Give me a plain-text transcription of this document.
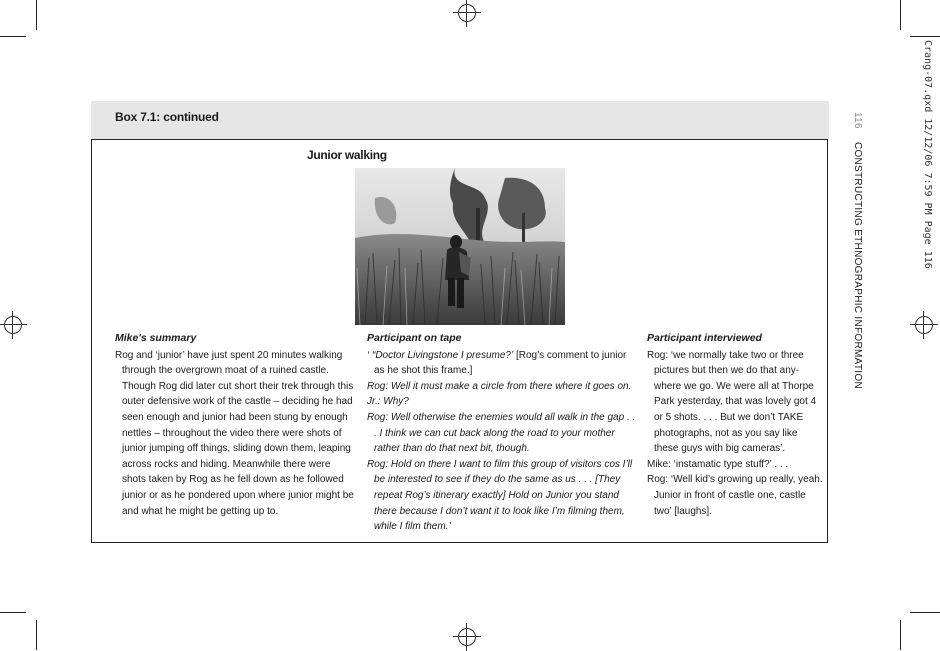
Box 7.1: continued
Junior walking
Mike's summary

Rog and ‘junior’ have just spent 20 minutes walking through the overgrown moat of a ruined castle. Though Rog did later cut short their trek through this outer defensive work of the castle – deciding he had seen enough and junior had been stung by enough nettles – throughout the video there were shots of junior jumping off things, sliding down them, leaping across rocks and hiding. Meanwhile there were shots taken by Rog as he fell down as he followed junior or as he pondered upon where junior might be and what he might be getting up to.

Participant on tape

‘ “Doctor Livingstone I presume?’ [Rog’s comment to junior as he shot this frame.]

Rog: Well it must make a circle from there where it goes on.

Jr.: Why?

Rog: Well otherwise the enemies would all walk in the gap . . . I think we can cut back along the road to your mother rather than do that next bit, though.

Rog: Hold on there I want to film this group of visitors cos I’ll be interested to see if they do the same as us . . . [They repeat Rog’s itinerary exactly] Hold on Junior you stand there because I don’t want it to look like I’m filming them, while I film them.’

Participant interviewed

Rog: ‘we normally take two or three pictures but then we do that any-where we go. We were all at Thorpe Park yesterday, that was lovely got 4 or 5 shots. . . . But we don’t TAKE photographs, not as you say like these guys with big cameras’.

Mike: ‘instamatic type stuff?’ . . .

Rog: ‘Well kid’s growing up really, yeah. Junior in front of castle one, castle two’ [laughs].

116 CONSTRUCTING ETHNOGRAPHIC INFORMATION	Crang-07.qxd 12/12/06 7:59 PM Page 116
